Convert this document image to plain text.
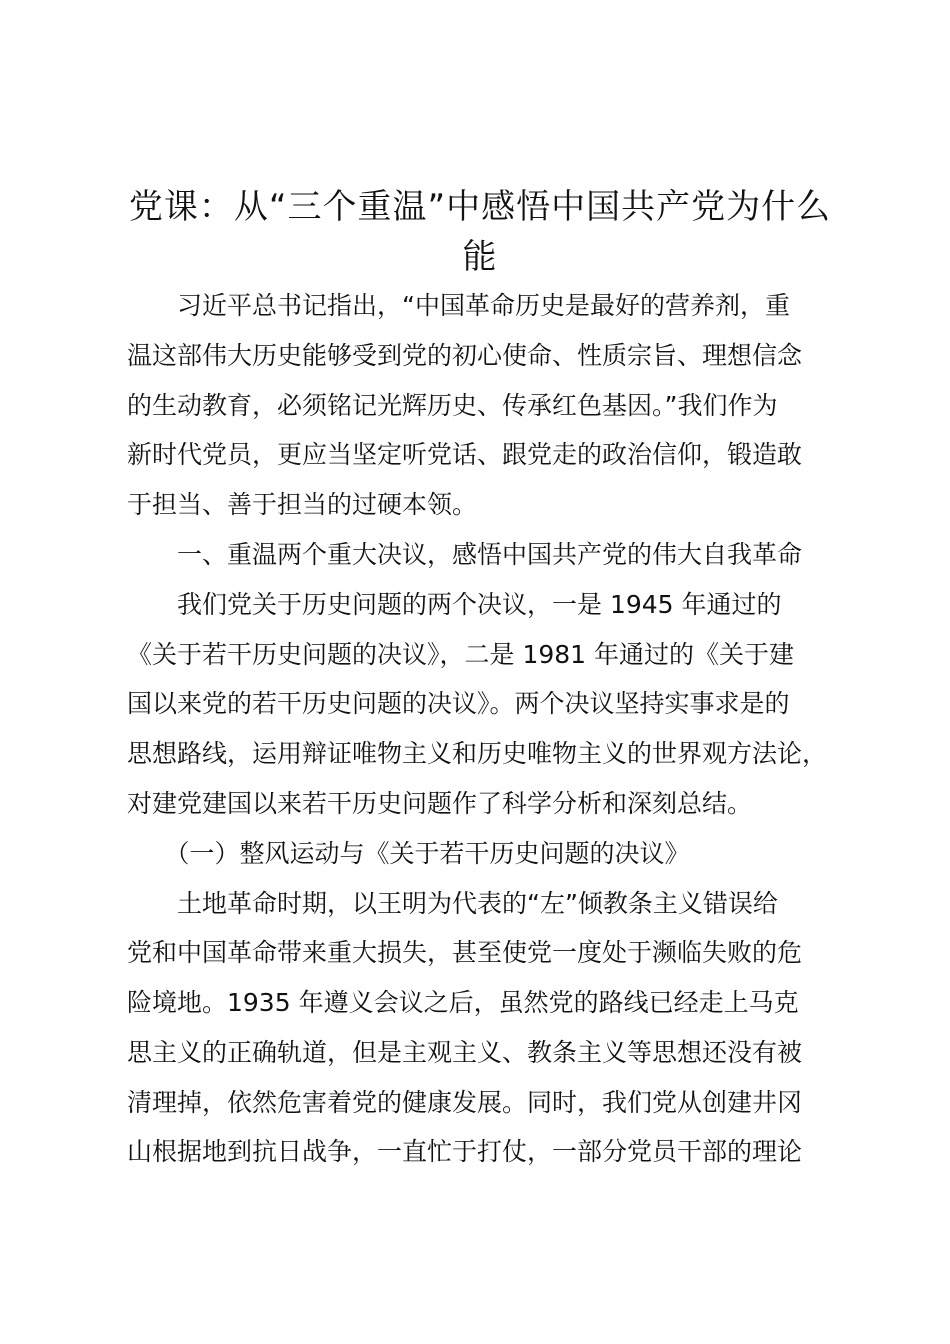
党课：从“三个重温”中感悟中国共产党为什么能

　　习近平总书记指出，“中国革命历史是最好的营养剂，重

温这部伟大历史能够受到党的初心使命、性质宗旨、理想信念

的生动教育，必须铭记光辉历史、传承红色基因。”我们作为

新时代党员，更应当坚定听党话、跟党走的政治信仰，锻造敢

于担当、善于担当的过硬本领。

　　一、重温两个重大决议，感悟中国共产党的伟大自我革命

　　我们党关于历史问题的两个决议，一是 1945 年通过的

《关于若干历史问题的决议》，二是 1981 年通过的《关于建

国以来党的若干历史问题的决议》。两个决议坚持实事求是的

思想路线，运用辩证唯物主义和历史唯物主义的世界观方法论，

对建党建国以来若干历史问题作了科学分析和深刻总结。

　　（一）整风运动与《关于若干历史问题的决议》

　　土地革命时期，以王明为代表的“左”倾教条主义错误给

党和中国革命带来重大损失，甚至使党一度处于濒临失败的危

险境地。1935 年遵义会议之后，虽然党的路线已经走上马克

思主义的正确轨道，但是主观主义、教条主义等思想还没有被

清理掉，依然危害着党的健康发展。同时，我们党从创建井冈

山根据地到抗日战争，一直忙于打仗，一部分党员干部的理论
